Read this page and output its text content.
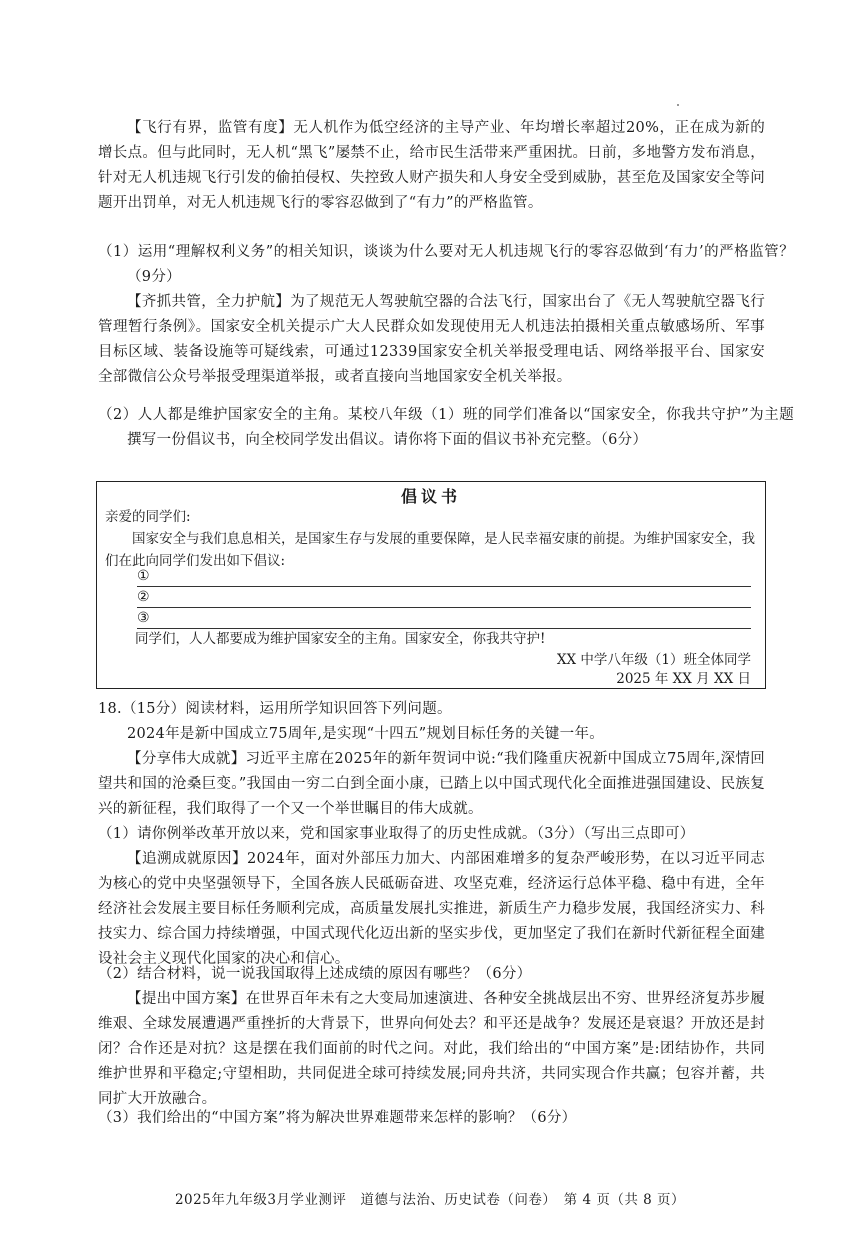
【飞行有界，监管有度】无人机作为低空经济的主导产业、年均增长率超过20%，正在成为新的增长点。但与此同时，无人机“黑飞”屡禁不止，给市民生活带来严重困扰。日前，多地警方发布消息，针对无人机违规飞行引发的偷拍侵权、失控致人财产损失和人身安全受到威胁，甚至危及国家安全等问题开出罚单，对无人机违规飞行的零容忍做到了“有力”的严格监管。

（1）运用“理解权利义务”的相关知识，谈谈为什么要对无人机违规飞行的零容忍做到‘有力’的严格监管？（9分）

【齐抓共管，全力护航】为了规范无人驾驶航空器的合法飞行，国家出台了《无人驾驶航空器飞行管理暂行条例》。国家安全机关提示广大人民群众如发现使用无人机违法拍摄相关重点敏感场所、军事目标区域、装备设施等可疑线索，可通过12339国家安全机关举报受理电话、网络举报平台、国家安全部微信公众号举报受理渠道举报，或者直接向当地国家安全机关举报。

（2）人人都是维护国家安全的主角。某校八年级（1）班的同学们准备以“国家安全，你我共守护”为主题撰写一份倡议书，向全校同学发出倡议。请你将下面的倡议书补充完整。（6分）

倡议书
亲爱的同学们:

国家安全与我们息息相关，是国家生存与发展的重要保障，是人民幸福安康的前提。为维护国家安全，我们在此向同学们发出如下倡议:

①
②
③
同学们，人人都要成为维护国家安全的主角。国家安全，你我共守护!
XX 中学八年级（1）班全体同学
2025 年 XX 月 XX 日

18.（15分）阅读材料，运用所学知识回答下列问题。

2024年是新中国成立75周年,是实现“十四五”规划目标任务的关键一年。

【分享伟大成就】习近平主席在2025年的新年贺词中说:“我们隆重庆祝新中国成立75周年,深情回望共和国的沧桑巨变。”我国由一穷二白到全面小康，已踏上以中国式现代化全面推进强国建设、民族复兴的新征程，我们取得了一个又一个举世瞩目的伟大成就。

（1）请你例举改革开放以来，党和国家事业取得了的历史性成就。（3分）（写出三点即可）

【追溯成就原因】2024年，面对外部压力加大、内部困难增多的复杂严峻形势，在以习近平同志为核心的党中央坚强领导下，全国各族人民砥砺奋进、攻坚克难，经济运行总体平稳、稳中有进，全年经济社会发展主要目标任务顺利完成，高质量发展扎实推进，新质生产力稳步发展，我国经济实力、科技实力、综合国力持续增强，中国式现代化迈出新的坚实步伐，更加坚定了我们在新时代新征程全面建设社会主义现代化国家的决心和信心。

（2）结合材料，说一说我国取得上述成绩的原因有哪些？（6分）

【提出中国方案】在世界百年未有之大变局加速演进、各种安全挑战层出不穷、世界经济复苏步履维艰、全球发展遭遇严重挫折的大背景下，世界向何处去？和平还是战争？发展还是衰退？开放还是封闭？合作还是对抗？这是摆在我们面前的时代之问。对此，我们给出的“中国方案”是:团结协作，共同维护世界和平稳定;守望相助，共同促进全球可持续发展;同舟共济，共同实现合作共赢；包容并蓄，共同扩大开放融合。

（3）我们给出的“中国方案”将为解决世界难题带来怎样的影响？（6分）

2025年九年级3月学业测评　道德与法治、历史试卷（问卷）　第 4 页（共 8 页）
